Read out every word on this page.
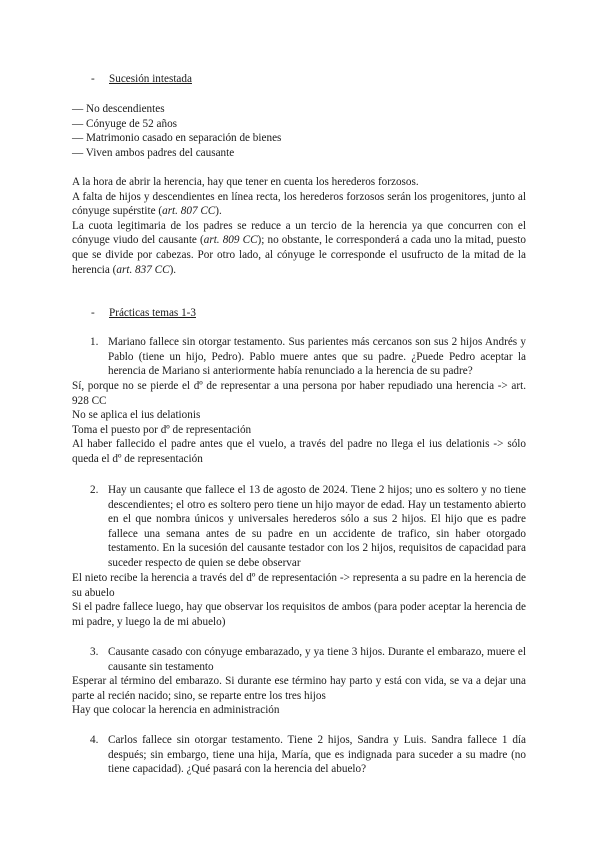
- Sucesión intestada

— No descendientes

— Cónyuge de 52 años

— Matrimonio casado en separación de bienes

— Viven ambos padres del causante

A la hora de abrir la herencia, hay que tener en cuenta los herederos forzosos.

A falta de hijos y descendientes en línea recta, los herederos forzosos serán los progenitores, junto al cónyuge supérstite (art. 807 CC).

La cuota legitimaria de los padres se reduce a un tercio de la herencia ya que concurren con el cónyuge viudo del causante (art. 809 CC); no obstante, le corresponderá a cada uno la mitad, puesto que se divide por cabezas. Por otro lado, al cónyuge le corresponde el usufructo de la mitad de la herencia (art. 837 CC).

- Prácticas temas 1-3
1. Mariano fallece sin otorgar testamento. Sus parientes más cercanos son sus 2 hijos Andrés y Pablo (tiene un hijo, Pedro). Pablo muere antes que su padre. ¿Puede Pedro aceptar la herencia de Mariano si anteriormente había renunciado a la herencia de su padre?

Sí, porque no se pierde el dº de representar a una persona por haber repudiado una herencia -> art. 928 CC

No se aplica el ius delationis

Toma el puesto por dº de representación

Al haber fallecido el padre antes que el vuelo, a través del padre no llega el ius delationis -> sólo queda el dº de representación

2. Hay un causante que fallece el 13 de agosto de 2024. Tiene 2 hijos; uno es soltero y no tiene descendientes; el otro es soltero pero tiene un hijo mayor de edad. Hay un testamento abierto en el que nombra únicos y universales herederos sólo a sus 2 hijos. El hijo que es padre fallece una semana antes de su padre en un accidente de trafico, sin haber otorgado testamento. En la sucesión del causante testador con los 2 hijos, requisitos de capacidad para suceder respecto de quien se debe observar

El nieto recibe la herencia a través del dº de representación -> representa a su padre en la herencia de su abuelo

Si el padre fallece luego, hay que observar los requisitos de ambos (para poder aceptar la herencia de mi padre, y luego la de mi abuelo)

3. Causante casado con cónyuge embarazado, y ya tiene 3 hijos. Durante el embarazo, muere el causante sin testamento

Esperar al término del embarazo. Si durante ese término hay parto y está con vida, se va a dejar una parte al recién nacido; sino, se reparte entre los tres hijos

Hay que colocar la herencia en administración

4. Carlos fallece sin otorgar testamento. Tiene 2 hijos, Sandra y Luis. Sandra fallece 1 día después; sin embargo, tiene una hija, María, que es indignada para suceder a su madre (no tiene capacidad). ¿Qué pasará con la herencia del abuelo?
